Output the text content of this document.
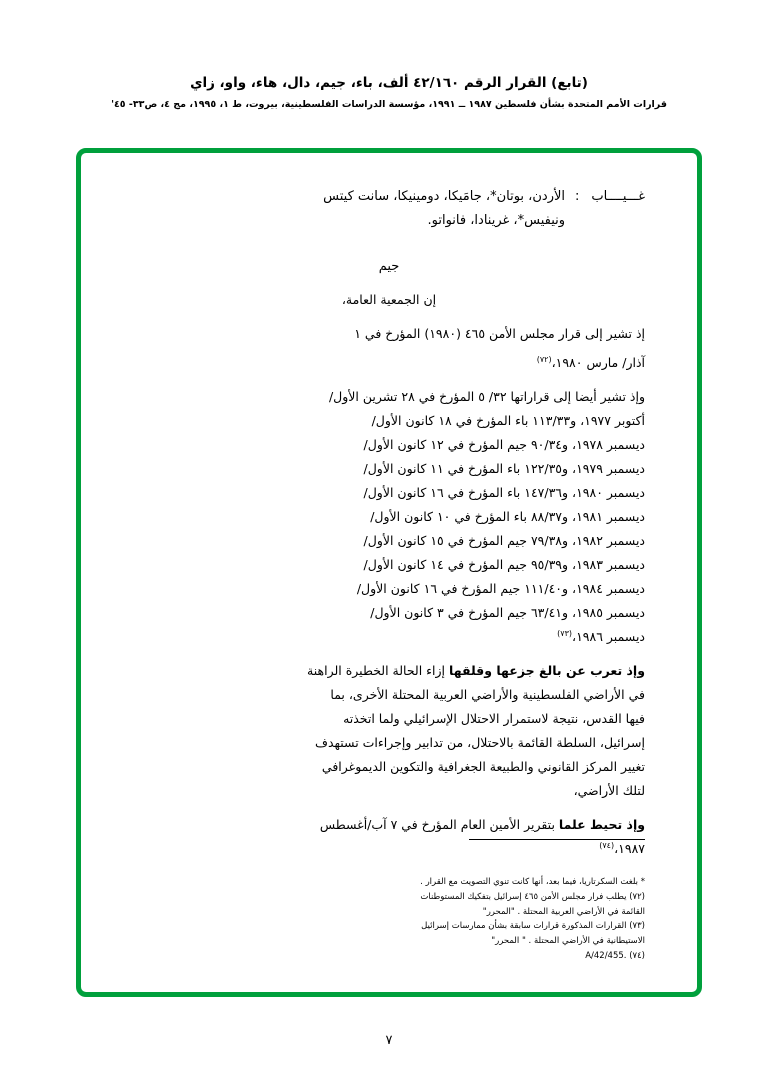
(تابع) القرار الرقم ٤٢/١٦٠ ألف، باء، جيم، دال، هاء، واو، زاي
قرارات الأمم المتحدة بشأن فلسطين ١٩٨٧ ــ ١٩٩١، مؤسسة الدراسات الفلسطينية، بيروت، ط ١، ١٩٩٥، مج ٤، ص٣٣- ٤٥'
غـــيــــاب
:
الأردن، بوتان*، جامَيكا، دومينيكا، سانت كيتس
ونيفيس*، غرينادا، فانواتو.
جيم

إن الجمعية العامة،

إذ تشير إلى قرار مجلس الأمن ٤٦٥ (١٩٨٠) المؤرخ في ١

آذار/ مارس ١٩٨٠،$^{(٧٢)}$

وإذ تشير أيضا إلى قراراتها ٣٢/ ٥ المؤرخ في ٢٨ تشرين الأول/

أكتوبر ١٩٧٧، و١١٣/٣٣ باء المؤرخ في ١٨ كانون الأول/

ديسمبر ١٩٧٨، و٩٠/٣٤ جيم المؤرخ في ١٢ كانون الأول/

ديسمبر ١٩٧٩، و١٢٢/٣٥ باء المؤرخ في ١١ كانون الأول/

ديسمبر ١٩٨٠، و١٤٧/٣٦ باء المؤرخ في ١٦ كانون الأول/

ديسمبر ١٩٨١، و٨٨/٣٧ باء المؤرخ في ١٠ كانون الأول/

ديسمبر ١٩٨٢، و٧٩/٣٨ جيم المؤرخ في ١٥ كانون الأول/

ديسمبر ١٩٨٣، و٩٥/٣٩ جيم المؤرخ في ١٤ كانون الأول/

ديسمبر ١٩٨٤، و١١١/٤٠ جيم المؤرخ في ١٦ كانون الأول/

ديسمبر ١٩٨٥، و٦٣/٤١ جيم المؤرخ في ٣ كانون الأول/

ديسمبر ١٩٨٦،$^{(٧٣)}$

وإذ تعرب عن بالغ جزعها وقلقها إزاء الحالة الخطيرة الراهنة

في الأراضي الفلسطينية والأراضي العربية المحتلة الأخرى، بما

فيها القدس، نتيجة لاستمرار الاحتلال الإسرائيلي ولما اتخذته

إسرائيل، السلطة القائمة بالاحتلال، من تدابير وإجراءات تستهدف

تغيير المركز القانوني والطبيعة الجغرافية والتكوين الديموغرافي

لتلك الأراضي،

وإذ تحيط علما بتقرير الأمين العام المؤرخ في ٧ آب/أغسطس

١٩٨٧،$^{(٧٤)}$

* بلغت السكرتاريا، فيما بعد، أنها كانت تنوي التصويت مع القرار .

(٧٢) يطلب فرار مجلس الأمن ٤٦٥ إسرائيل بتفكيك المستوطنات

القائمة في الأراضي العربية المحتلة . "المحرر"

(٧٣) القرارات المذكورة قرارات سابقة بشأن ممارسات إسرائيل

الاستيطانية في الأراضي المحتلة . " المحرر"

(٧٤) .A/42/455

٧
